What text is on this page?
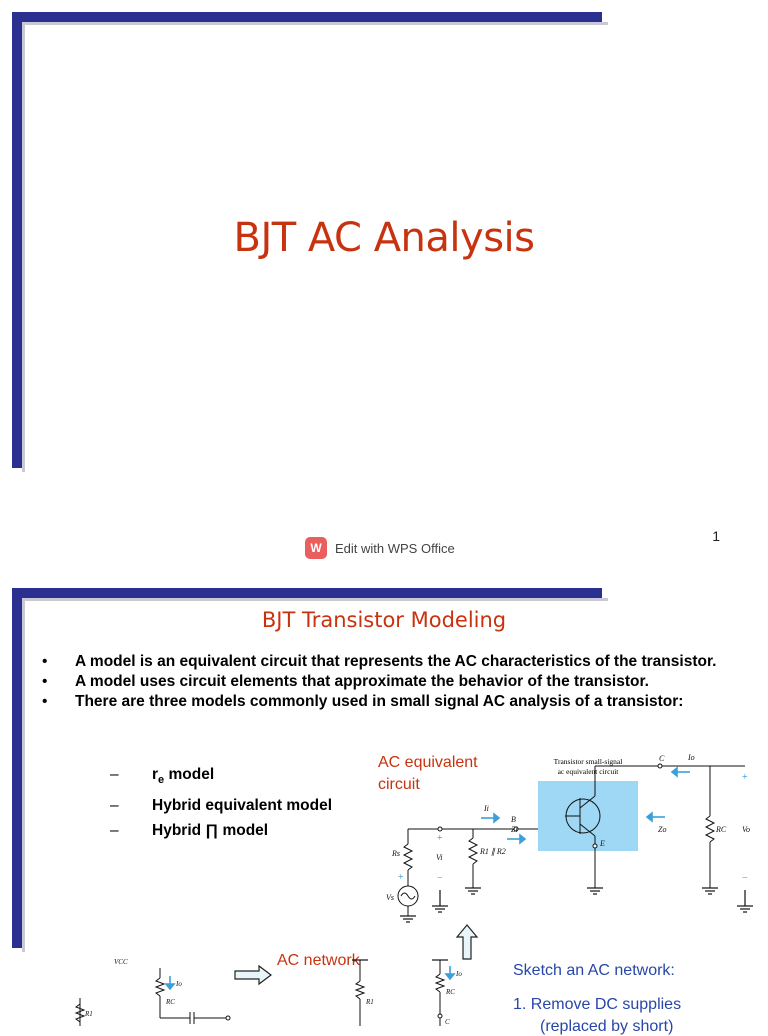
BJT AC Analysis
W	Edit with WPS Office
1
BJT Transistor Modeling
• A model is an equivalent circuit that represents the AC characteristics of the transistor.
• A model uses circuit elements that approximate the behavior of the transistor.
• There are three models commonly used in small signal AC analysis of a transistor:
– $r_e$ model
– Hybrid equivalent model
– Hybrid ∏ model
AC equivalent circuit
Transistor small-signal
ac equivalent circuit
Rs
Vs
Vi
R1 ∥ R2
Ii
Zi
B
C
E
Io
Zo	RC Vo
+
−
+
−
+
AC network
VCC
R1
RC
Io
R1
RC
Io
C
Sketch an AC network:
1. Remove DC supplies
(replaced by short)
